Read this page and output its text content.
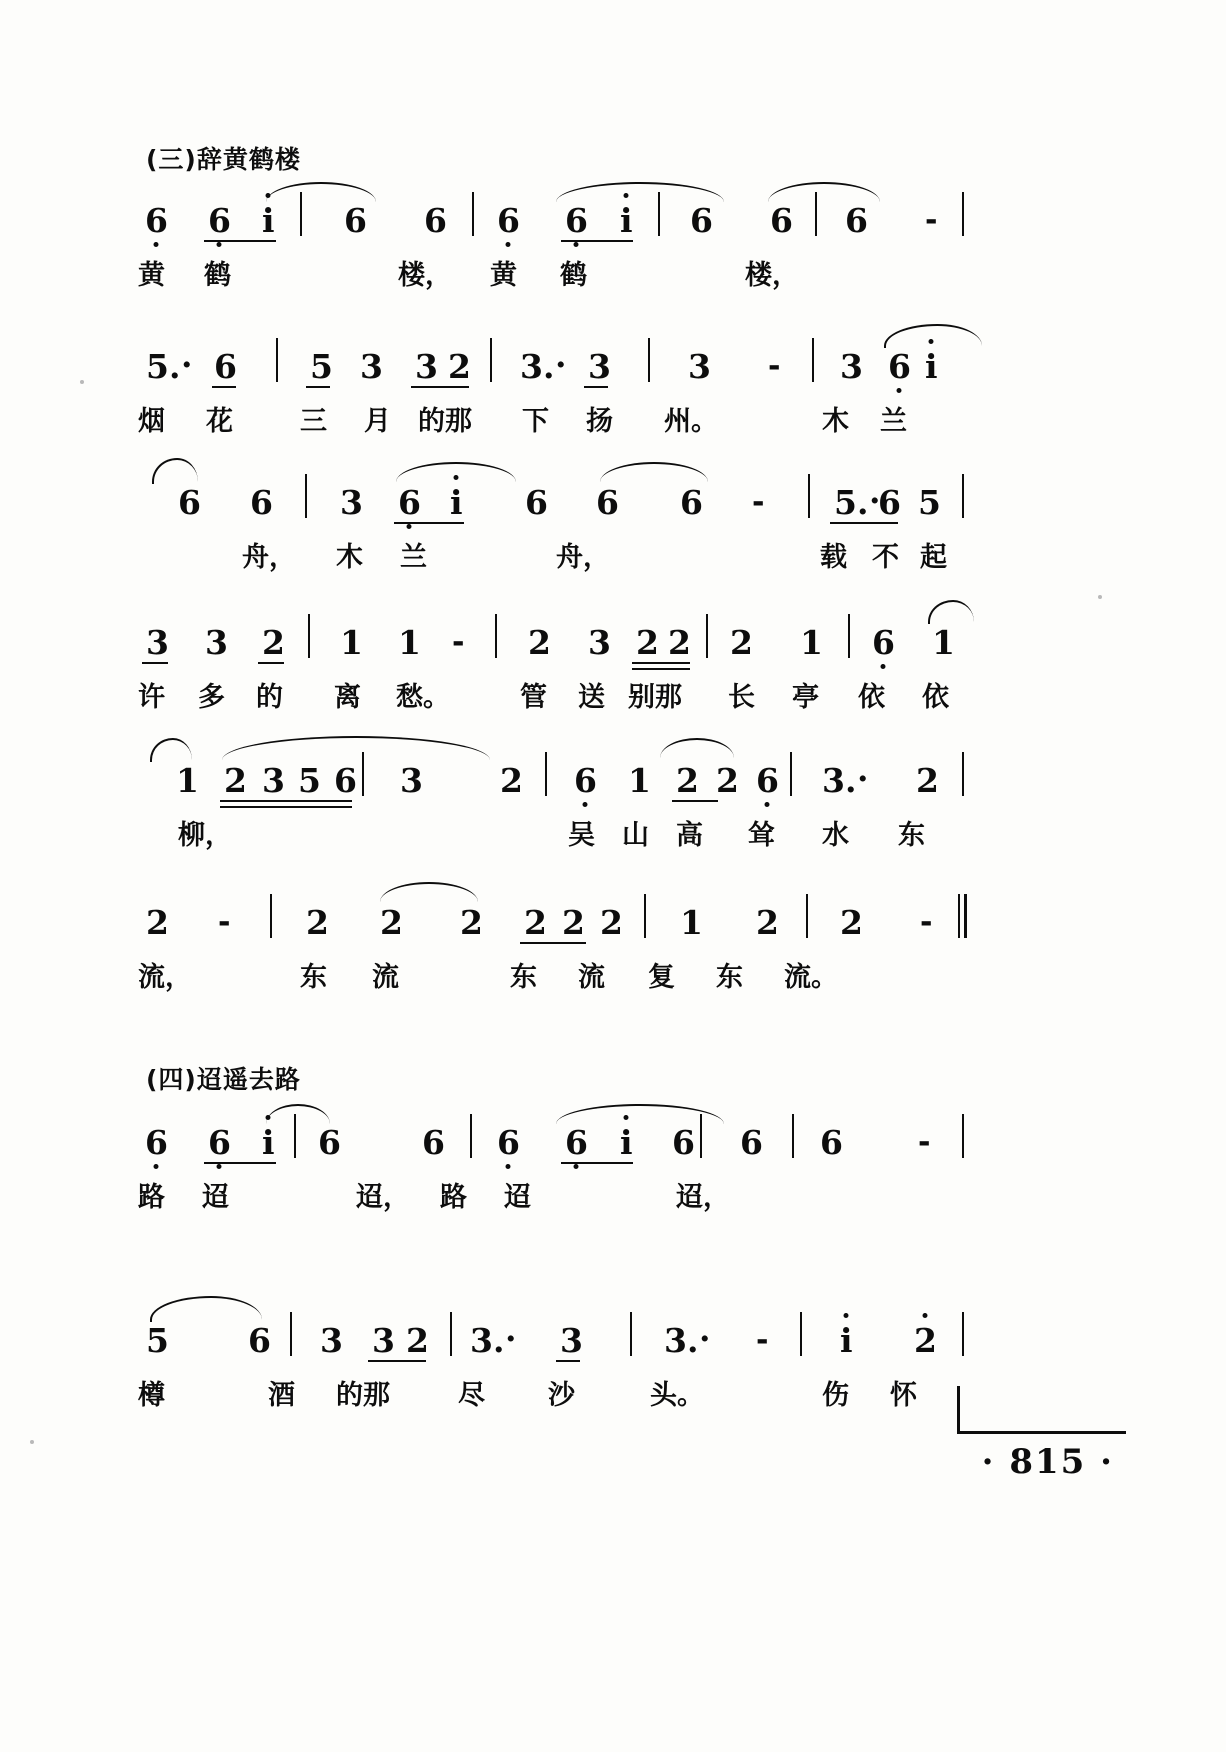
(三)辞黄鹤楼
6 6 i 6 6 6 6 i 6 6 6 -
黄 鹤	楼， 黄 鹤	楼，
5. · 6 5 3 3 2 3. · 3 3 - 3 6 i
烟 花 三 月 的那 下 扬 州。	木 兰
6 6 3 6 i 6 6 6 - 5. · 6 5
舟， 木 兰	舟，	载 不 起
3 3 2 1 1 - 2 3 2 2 2 1 6 1
许 多 的 离 愁。	管 送 别那 长 亭 依 依
1 2 3 5 6 3 2 6 1 2 2 6 3. · 2
柳，	吴 山 高 耸 水 东
2 - 2 2 2 2 2 2 1 2 2 -
流，	东 流	东 流 复 东 流。
(四)迢遥去路
6 6 i 6 6 6 6 i 6 6 6	-
路 迢	迢， 路 迢	迢，
5 6 3 3 2 3. · 3 3. · - i 2
樽	酒 的那	尽 沙	头。	伤 怀
· 815 ·
